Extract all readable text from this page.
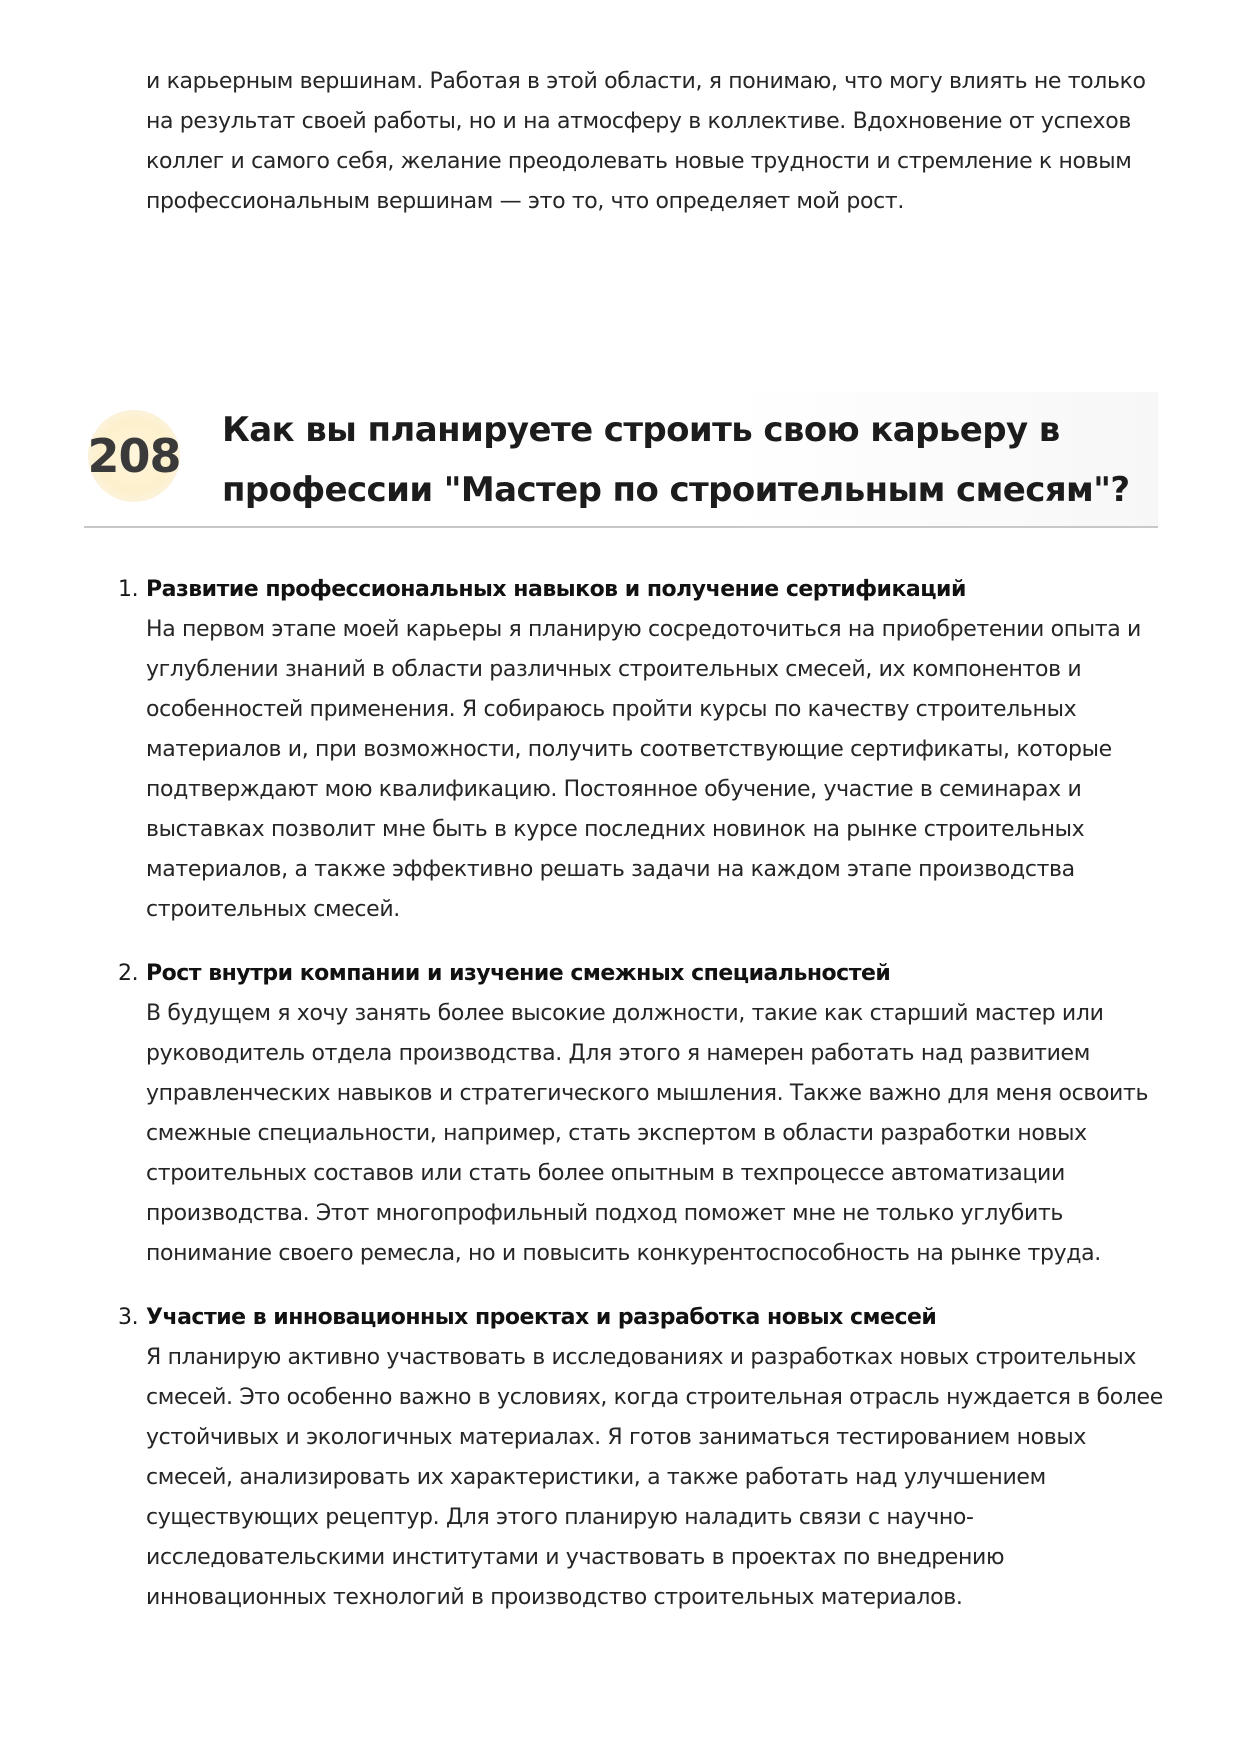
и карьерным вершинам. Работая в этой области, я понимаю, что могу влиять не только на результат своей работы, но и на атмосферу в коллективе. Вдохновение от успехов коллег и самого себя, желание преодолевать новые трудности и стремление к новым профессиональным вершинам — это то, что определяет мой рост.

208 Как вы планируете строить свою карьеру в
профессии "Мастер по строительным смесям"?
1. Развитие профессиональных навыков и получение сертификаций
На первом этапе моей карьеры я планирую сосредоточиться на приобретении опыта и углублении знаний в области различных строительных смесей, их компонентов и особенностей применения. Я собираюсь пройти курсы по качеству строительных материалов и, при возможности, получить соответствующие сертификаты, которые подтверждают мою квалификацию. Постоянное обучение, участие в семинарах и выставках позволит мне быть в курсе последних новинок на рынке строительных материалов, а также эффективно решать задачи на каждом этапе производства строительных смесей.
2. Рост внутри компании и изучение смежных специальностей
В будущем я хочу занять более высокие должности, такие как старший мастер или руководитель отдела производства. Для этого я намерен работать над развитием управленческих навыков и стратегического мышления. Также важно для меня освоить смежные специальности, например, стать экспертом в области разработки новых строительных составов или стать более опытным в техпроцессе автоматизации производства. Этот многопрофильный подход поможет мне не только углубить понимание своего ремесла, но и повысить конкурентоспособность на рынке труда.
3. Участие в инновационных проектах и разработка новых смесей
Я планирую активно участвовать в исследованиях и разработках новых строительных смесей. Это особенно важно в условиях, когда строительная отрасль нуждается в более устойчивых и экологичных материалах. Я готов заниматься тестированием новых смесей, анализировать их характеристики, а также работать над улучшением существующих рецептур. Для этого планирую наладить связи с научно-исследовательскими институтами и участвовать в проектах по внедрению инновационных технологий в производство строительных материалов.
